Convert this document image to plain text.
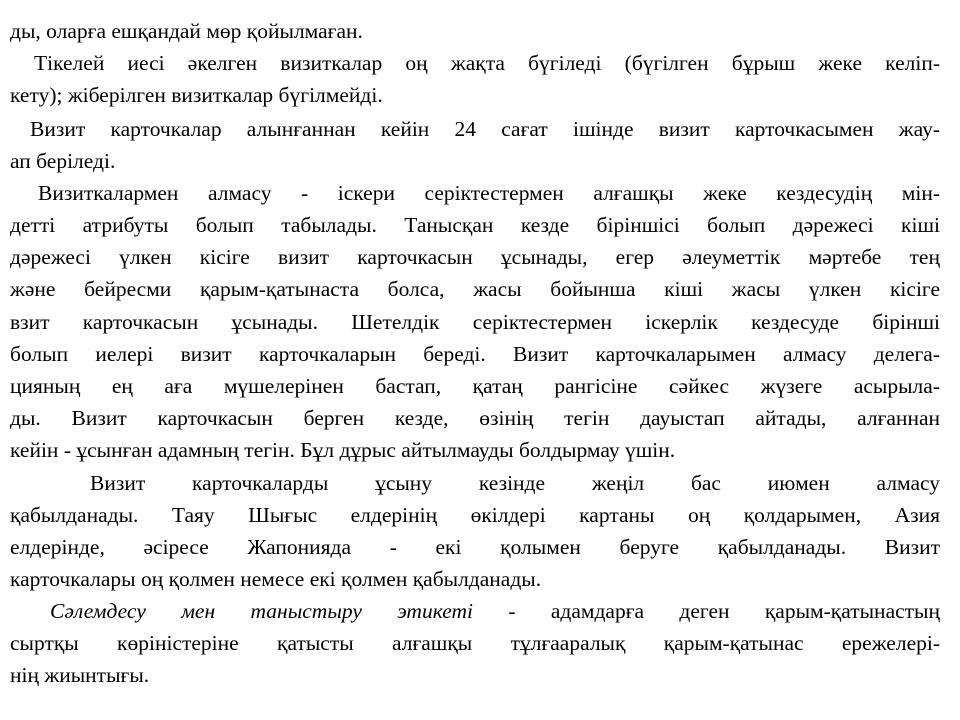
ды, оларға ешқандай мөр қойылмаған.

Тікелей иесі әкелген визиткалар оң жақта бүгіледі (бүгілген бұрыш жеке келіп-

кету); жіберілген визиткалар бүгілмейді.

Визит карточкалар алынғаннан кейін 24 сағат ішінде визит карточкасымен жау-

ап беріледі.

Визиткалармен алмасу - іскери серіктестермен алғашқы жеке кездесудің мін-

детті атрибуты болып табылады. Танысқан кезде біріншісі болып дәрежесі кіші

дәрежесі үлкен кісіге визит карточкасын ұсынады, егер әлеуметтік мәртебе тең

және бейресми қарым-қатынаста болса, жасы бойынша кіші жасы үлкен кісіге

взит карточкасын ұсынады. Шетелдік серіктестермен іскерлік кездесуде бірінші

болып иелері визит карточкаларын береді. Визит карточкаларымен алмасу делега-

цияның ең аға мүшелерінен бастап, қатаң рангісіне сәйкес жүзеге асырыла-

ды. Визит карточкасын берген кезде, өзінің тегін дауыстап айтады, алғаннан

кейін - ұсынған адамның тегін. Бұл дұрыс айтылмауды болдырмау үшін.

Визит карточкаларды ұсыну кезінде жеңіл бас июмен алмасу

қабылданады. Таяу Шығыс елдерінің өкілдері картаны оң қолдарымен, Азия

елдерінде, әсіресе Жапонияда - екі қолымен беруге қабылданады. Визит

карточкалары оң қолмен немесе екі қолмен қабылданады.

Сәлемдесу мен таныстыру этикеті - адамдарға деген қарым-қатынастың

сыртқы көріністеріне қатысты алғашқы тұлғааралық қарым-қатынас ережелері-

нің жиынтығы.
